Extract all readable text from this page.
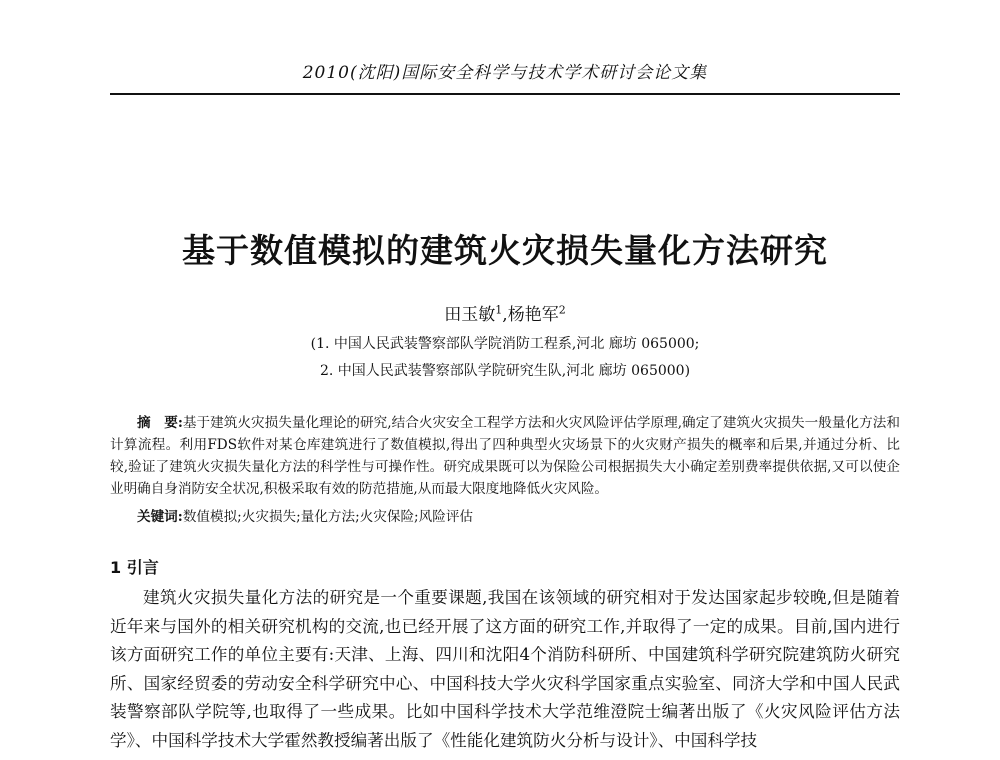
2010(沈阳)国际安全科学与技术学术研讨会论文集
基于数值模拟的建筑火灾损失量化方法研究
田玉敏$^1$,杨艳军$^2$
(1. 中国人民武装警察部队学院消防工程系,河北 廊坊 065000;
2. 中国人民武装警察部队学院研究生队,河北 廊坊 065000)
摘　要:基于建筑火灾损失量化理论的研究,结合火灾安全工程学方法和火灾风险评估学原理,确定了建筑火灾损失一般量化方法和计算流程。利用FDS软件对某仓库建筑进行了数值模拟,得出了四种典型火灾场景下的火灾财产损失的概率和后果,并通过分析、比较,验证了建筑火灾损失量化方法的科学性与可操作性。研究成果既可以为保险公司根据损失大小确定差别费率提供依据,又可以使企业明确自身消防安全状况,积极采取有效的防范措施,从而最大限度地降低火灾风险。
关键词:数值模拟;火灾损失;量化方法;火灾保险;风险评估
1 引言

建筑火灾损失量化方法的研究是一个重要课题,我国在该领域的研究相对于发达国家起步较晚,但是随着近年来与国外的相关研究机构的交流,也已经开展了这方面的研究工作,并取得了一定的成果。目前,国内进行该方面研究工作的单位主要有:天津、上海、四川和沈阳4个消防科研所、中国建筑科学研究院建筑防火研究所、国家经贸委的劳动安全科学研究中心、中国科技大学火灾科学国家重点实验室、同济大学和中国人民武装警察部队学院等,也取得了一些成果。比如中国科学技术大学范维澄院士编著出版了《火灾风险评估方法学》、中国科学技术大学霍然教授编著出版了《性能化建筑防火分析与设计》、中国科学技
